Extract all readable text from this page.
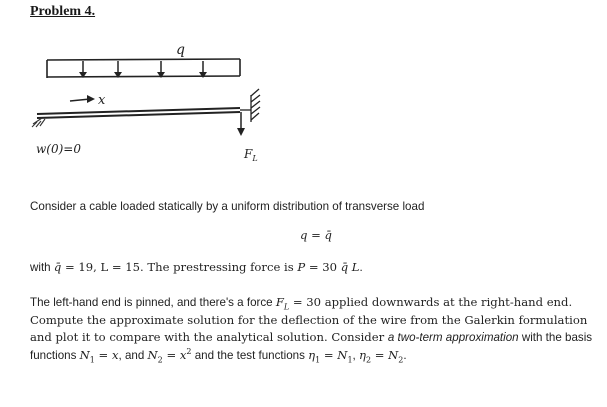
Problem 4.
q
x
w(0)=0	$F_L$

Consider a cable loaded statically by a uniform distribution of transverse load

q = q̄

with q̄ = 19, L = 15. The prestressing force is P = 30 q̄ L.

The left-hand end is pinned, and there's a force $F_L = 30$ applied downwards at the right-hand end. Compute the approximate solution for the deflection of the wire from the Galerkin formulation and plot it to compare with the analytical solution. Consider a two-term approximation with the basis functions $N_1 = x$, and $N_2 = x^2$ and the test functions $\eta_1 = N_1$, $\eta_2 = N_2$.
